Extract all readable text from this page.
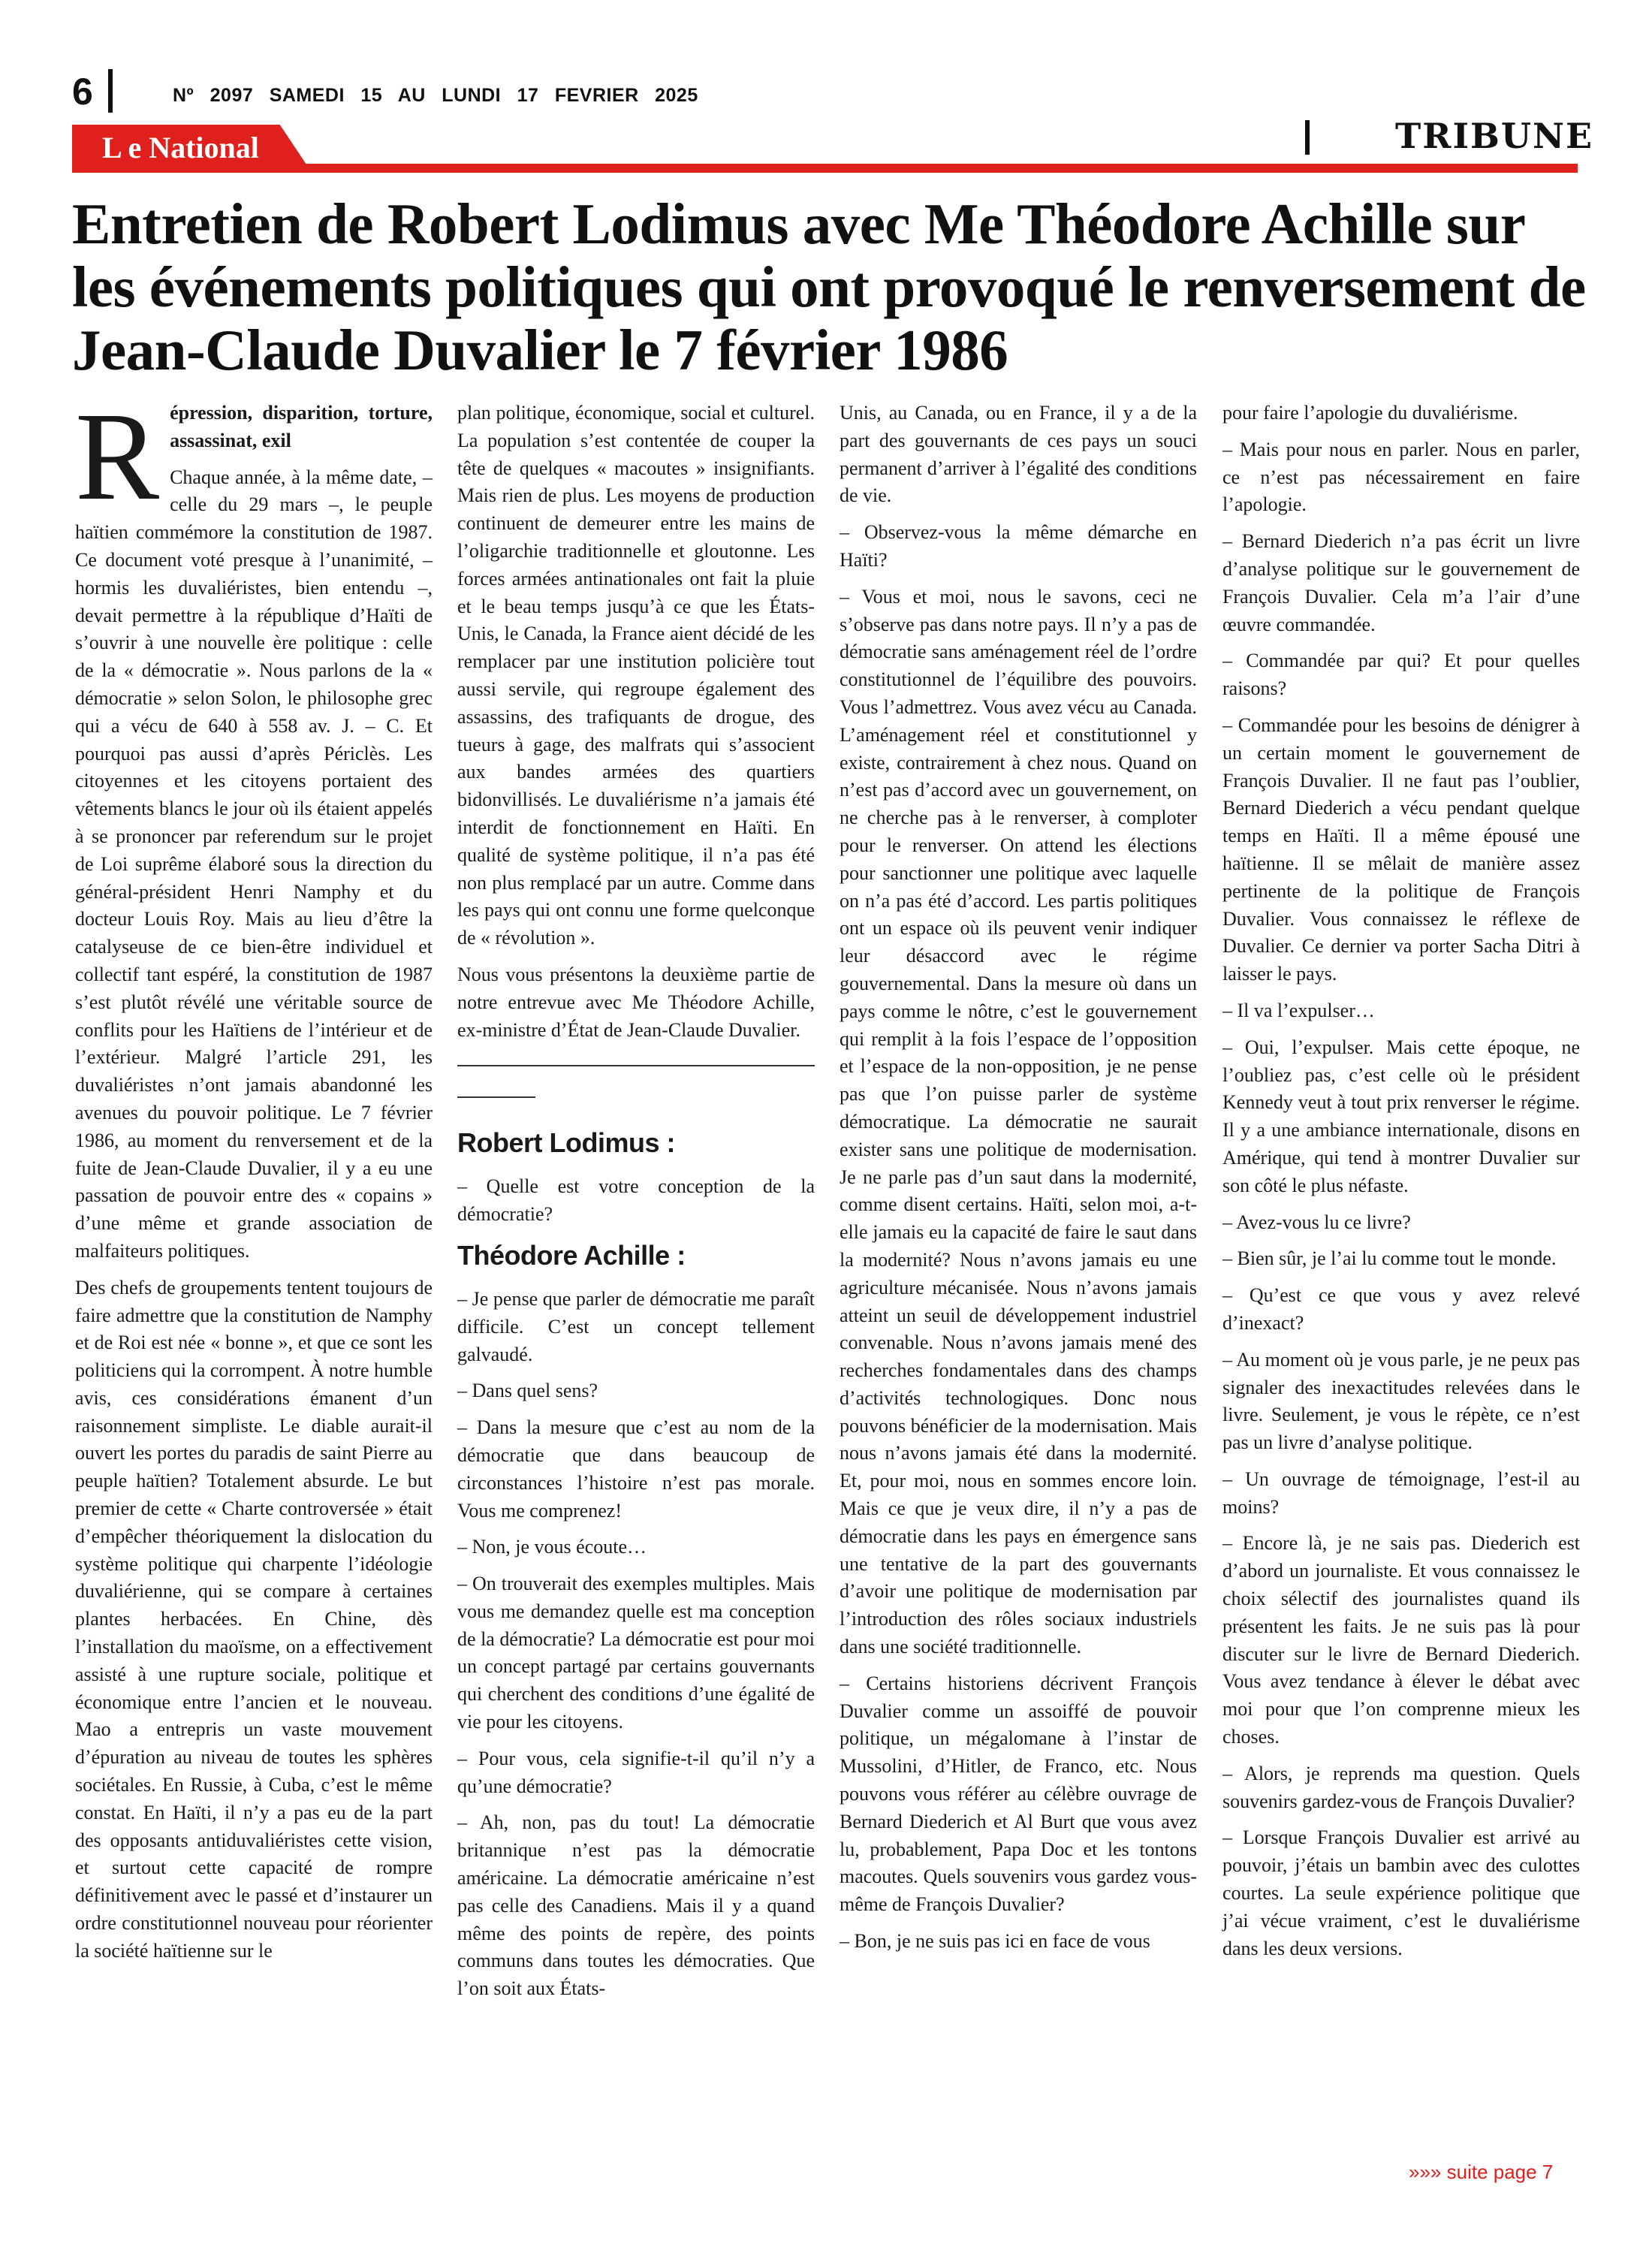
6	Nº 2097 SAMEDI 15 AU LUNDI 17 FEVRIER 2025
L e National	TRIBUNE
Entretien de Robert Lodimus avec Me Théodore Achille sur les événements politiques qui ont provoqué le renversement de Jean-Claude Duvalier le 7 février 1986
R épression, disparition, torture, assassinat, exil

Chaque année, à la même date, – celle du 29 mars –, le peuple haïtien commémore la constitution de 1987. Ce document voté presque à l’unanimité, – hormis les duvaliéristes, bien entendu –, devait permettre à la république d’Haïti de s’ouvrir à une nouvelle ère politique : celle de la « démocratie ». Nous parlons de la « démocratie » selon Solon, le philosophe grec qui a vécu de 640 à 558 av. J. – C. Et pourquoi pas aussi d’après Périclès. Les citoyennes et les citoyens portaient des vêtements blancs le jour où ils étaient appelés à se prononcer par referendum sur le projet de Loi suprême élaboré sous la direction du général-président Henri Namphy et du docteur Louis Roy. Mais au lieu d’être la catalyseuse de ce bien-être individuel et collectif tant espéré, la constitution de 1987 s’est plutôt révélé une véritable source de conflits pour les Haïtiens de l’intérieur et de l’extérieur. Malgré l’article 291, les duvaliéristes n’ont jamais abandonné les avenues du pouvoir politique. Le 7 février 1986, au moment du renversement et de la fuite de Jean-Claude Duvalier, il y a eu une passation de pouvoir entre des « copains » d’une même et grande association de malfaiteurs politiques.

Des chefs de groupements tentent toujours de faire admettre que la constitution de Namphy et de Roi est née « bonne », et que ce sont les politiciens qui la corrompent. À notre humble avis, ces considérations émanent d’un raisonnement simpliste. Le diable aurait-il ouvert les portes du paradis de saint Pierre au peuple haïtien? Totalement absurde. Le but premier de cette « Charte controversée » était d’empêcher théoriquement la dislocation du système politique qui charpente l’idéologie duvaliérienne, qui se compare à certaines plantes herbacées. En Chine, dès l’installation du maoïsme, on a effectivement assisté à une rupture sociale, politique et économique entre l’ancien et le nouveau. Mao a entrepris un vaste mouvement d’épuration au niveau de toutes les sphères sociétales. En Russie, à Cuba, c’est le même constat. En Haïti, il n’y a pas eu de la part des opposants antiduvaliéristes cette vision, et surtout cette capacité de rompre définitivement avec le passé et d’instaurer un ordre constitutionnel nouveau pour réorienter la société haïtienne sur le

plan politique, économique, social et culturel. La population s’est contentée de couper la tête de quelques « macoutes » insignifiants. Mais rien de plus. Les moyens de production continuent de demeurer entre les mains de l’oligarchie traditionnelle et gloutonne. Les forces armées antinationales ont fait la pluie et le beau temps jusqu’à ce que les États-Unis, le Canada, la France aient décidé de les remplacer par une institution policière tout aussi servile, qui regroupe également des assassins, des trafiquants de drogue, des tueurs à gage, des malfrats qui s’associent aux bandes armées des quartiers bidonvillisés. Le duvaliérisme n’a jamais été interdit de fonctionnement en Haïti. En qualité de système politique, il n’a pas été non plus remplacé par un autre. Comme dans les pays qui ont connu une forme quelconque de « révolution ».

Nous vous présentons la deuxième partie de notre entrevue avec Me Théodore Achille, ex-ministre d’État de Jean-Claude Duvalier.

Robert Lodimus :

– Quelle est votre conception de la démocratie?

Théodore Achille :

– Je pense que parler de démocratie me paraît difficile. C’est un concept tellement galvaudé.

– Dans quel sens?

– Dans la mesure que c’est au nom de la démocratie que dans beaucoup de circonstances l’histoire n’est pas morale. Vous me comprenez!

– Non, je vous écoute…

– On trouverait des exemples multiples. Mais vous me demandez quelle est ma conception de la démocratie? La démocratie est pour moi un concept partagé par certains gouvernants qui cherchent des conditions d’une égalité de vie pour les citoyens.

– Pour vous, cela signifie-t-il qu’il n’y a qu’une démocratie?

– Ah, non, pas du tout! La démocratie britannique n’est pas la démocratie américaine. La démocratie américaine n’est pas celle des Canadiens. Mais il y a quand même des points de repère, des points communs dans toutes les démocraties. Que l’on soit aux États-

Unis, au Canada, ou en France, il y a de la part des gouvernants de ces pays un souci permanent d’arriver à l’égalité des conditions de vie.

– Observez-vous la même démarche en Haïti?

– Vous et moi, nous le savons, ceci ne s’observe pas dans notre pays. Il n’y a pas de démocratie sans aménagement réel de l’ordre constitutionnel de l’équilibre des pouvoirs. Vous l’admettrez. Vous avez vécu au Canada. L’aménagement réel et constitutionnel y existe, contrairement à chez nous. Quand on n’est pas d’accord avec un gouvernement, on ne cherche pas à le renverser, à comploter pour le renverser. On attend les élections pour sanctionner une politique avec laquelle on n’a pas été d’accord. Les partis politiques ont un espace où ils peuvent venir indiquer leur désaccord avec le régime gouvernemental. Dans la mesure où dans un pays comme le nôtre, c’est le gouvernement qui remplit à la fois l’espace de l’opposition et l’espace de la non-opposition, je ne pense pas que l’on puisse parler de système démocratique. La démocratie ne saurait exister sans une politique de modernisation. Je ne parle pas d’un saut dans la modernité, comme disent certains. Haïti, selon moi, a-t-elle jamais eu la capacité de faire le saut dans la modernité? Nous n’avons jamais eu une agriculture mécanisée. Nous n’avons jamais atteint un seuil de développement industriel convenable. Nous n’avons jamais mené des recherches fondamentales dans des champs d’activités technologiques. Donc nous pouvons bénéficier de la modernisation. Mais nous n’avons jamais été dans la modernité. Et, pour moi, nous en sommes encore loin. Mais ce que je veux dire, il n’y a pas de démocratie dans les pays en émergence sans une tentative de la part des gouvernants d’avoir une politique de modernisation par l’introduction des rôles sociaux industriels dans une société traditionnelle.

– Certains historiens décrivent François Duvalier comme un assoiffé de pouvoir politique, un mégalomane à l’instar de Mussolini, d’Hitler, de Franco, etc. Nous pouvons vous référer au célèbre ouvrage de Bernard Diederich et Al Burt que vous avez lu, probablement, Papa Doc et les tontons macoutes. Quels souvenirs vous gardez vous-même de François Duvalier?

– Bon, je ne suis pas ici en face de vous

pour faire l’apologie du duvaliérisme.

– Mais pour nous en parler. Nous en parler, ce n’est pas nécessairement en faire l’apologie.

– Bernard Diederich n’a pas écrit un livre d’analyse politique sur le gouvernement de François Duvalier. Cela m’a l’air d’une œuvre commandée.

– Commandée par qui? Et pour quelles raisons?

– Commandée pour les besoins de dénigrer à un certain moment le gouvernement de François Duvalier. Il ne faut pas l’oublier, Bernard Diederich a vécu pendant quelque temps en Haïti. Il a même épousé une haïtienne. Il se mêlait de manière assez pertinente de la politique de François Duvalier. Vous connaissez le réflexe de Duvalier. Ce dernier va porter Sacha Ditri à laisser le pays.

– Il va l’expulser…

– Oui, l’expulser. Mais cette époque, ne l’oubliez pas, c’est celle où le président Kennedy veut à tout prix renverser le régime. Il y a une ambiance internationale, disons en Amérique, qui tend à montrer Duvalier sur son côté le plus néfaste.

– Avez-vous lu ce livre?

– Bien sûr, je l’ai lu comme tout le monde.

– Qu’est ce que vous y avez relevé d’inexact?

– Au moment où je vous parle, je ne peux pas signaler des inexactitudes relevées dans le livre. Seulement, je vous le répète, ce n’est pas un livre d’analyse politique.

– Un ouvrage de témoignage, l’est-il au moins?

– Encore là, je ne sais pas. Diederich est d’abord un journaliste. Et vous connaissez le choix sélectif des journalistes quand ils présentent les faits. Je ne suis pas là pour discuter sur le livre de Bernard Diederich. Vous avez tendance à élever le débat avec moi pour que l’on comprenne mieux les choses.

– Alors, je reprends ma question. Quels souvenirs gardez-vous de François Duvalier?

– Lorsque François Duvalier est arrivé au pouvoir, j’étais un bambin avec des culottes courtes. La seule expérience politique que j’ai vécue vraiment, c’est le duvaliérisme dans les deux versions.

»»» suite page 7
